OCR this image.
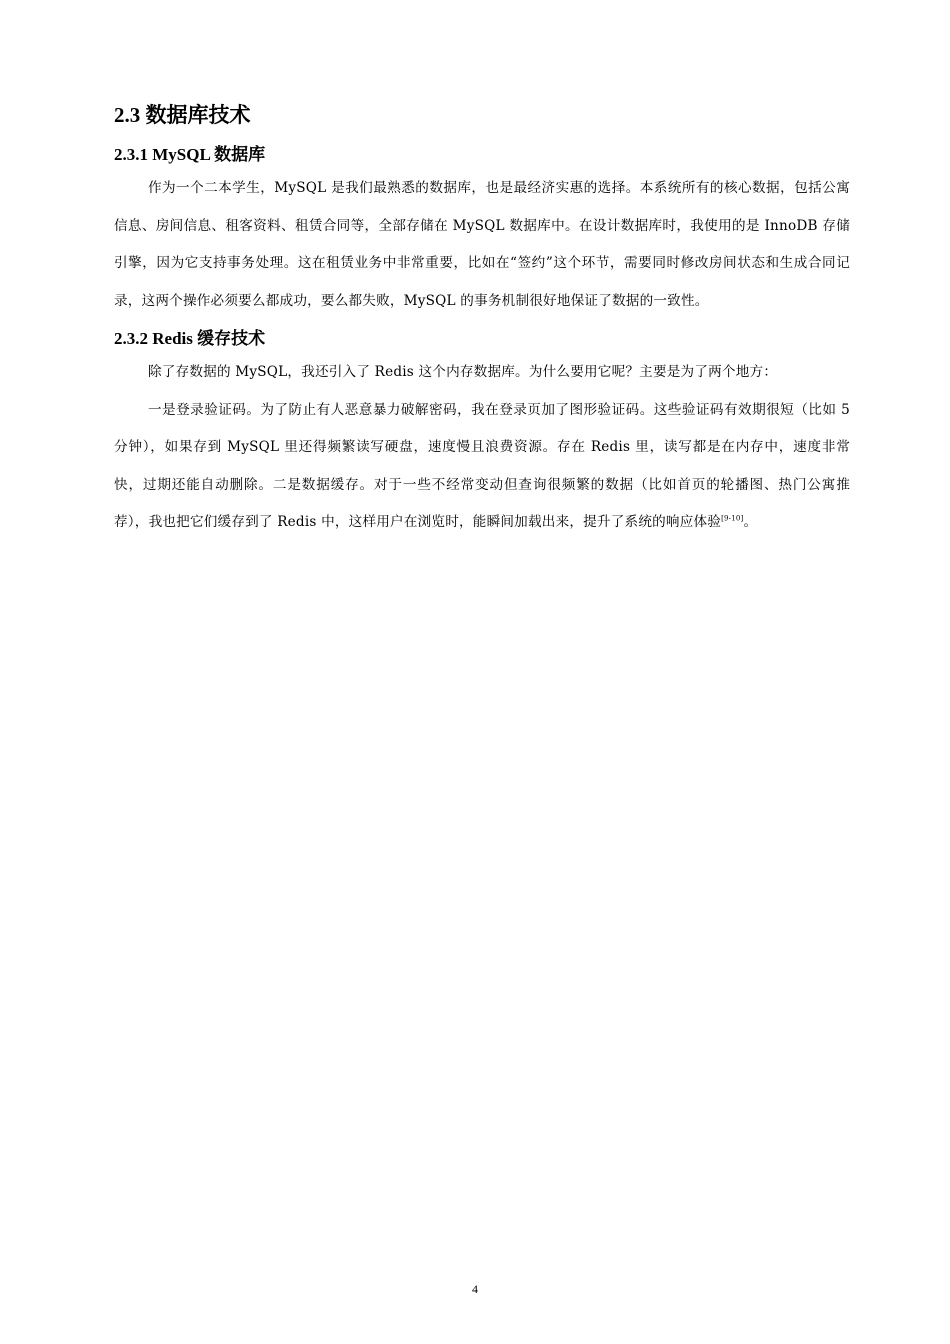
2.3 数据库技术
2.3.1 MySQL 数据库

作为一个二本学生，MySQL 是我们最熟悉的数据库，也是最经济实惠的选择。本系统所有的核心数据，包括公寓信息、房间信息、租客资料、租赁合同等，全部存储在 MySQL 数据库中。在设计数据库时，我使用的是 InnoDB 存储引擎，因为它支持事务处理。这在租赁业务中非常重要，比如在“签约”这个环节，需要同时修改房间状态和生成合同记录，这两个操作必须要么都成功，要么都失败，MySQL 的事务机制很好地保证了数据的一致性。

2.3.2 Redis 缓存技术

除了存数据的 MySQL，我还引入了 Redis 这个内存数据库。为什么要用它呢？主要是为了两个地方：

一是登录验证码。为了防止有人恶意暴力破解密码，我在登录页加了图形验证码。这些验证码有效期很短（比如 5 分钟），如果存到 MySQL 里还得频繁读写硬盘，速度慢且浪费资源。存在 Redis 里，读写都是在内存中，速度非常快，过期还能自动删除。二是数据缓存。对于一些不经常变动但查询很频繁的数据（比如首页的轮播图、热门公寓推荐），我也把它们缓存到了 Redis 中，这样用户在浏览时，能瞬间加载出来，提升了系统的响应体验[9-10]。

4
